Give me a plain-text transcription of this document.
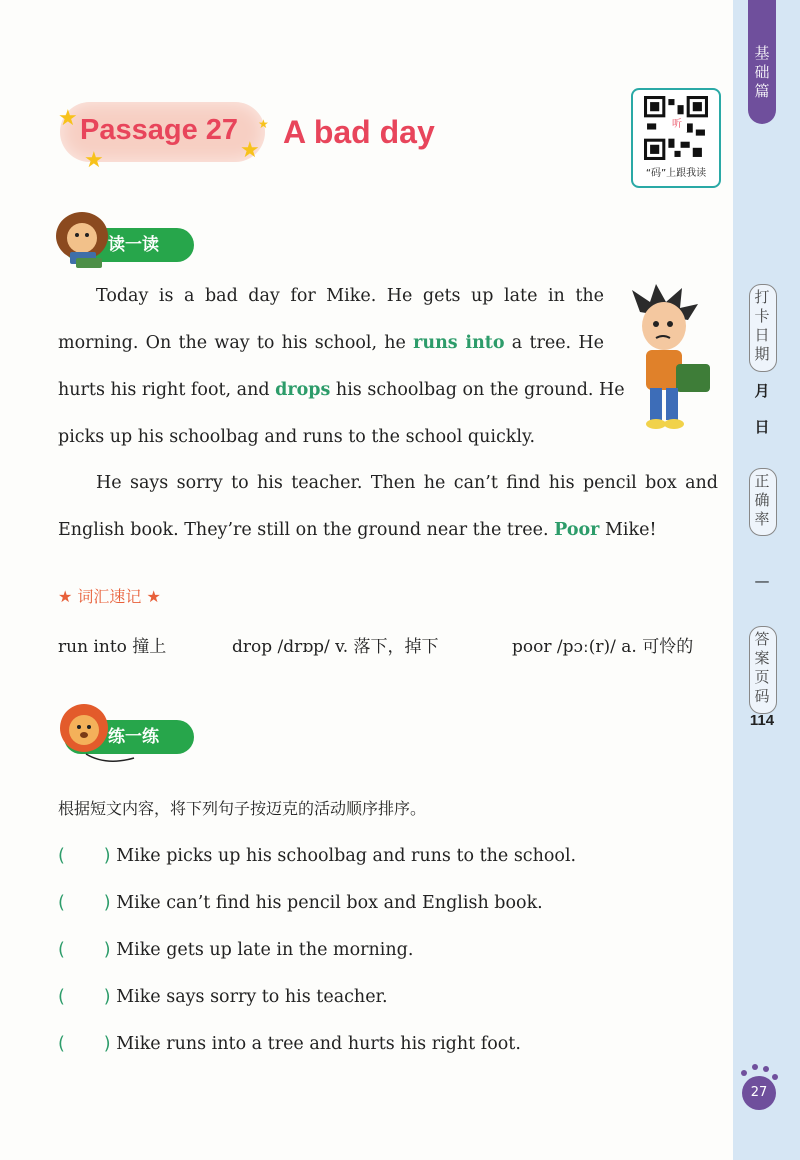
★
★	★
★
Passage 27 A bad day	听
“码”上跟我读
读一读
Today is a bad day for Mike. He gets up late in the
morning. On the way to his school, he runs into a tree. He
hurts his right foot, and drops his schoolbag on the ground. He
picks up his schoolbag and runs to the school quickly.
He says sorry to his teacher. Then he can’t find his pencil box and
English book. They’re still on the ground near the tree. Poor Mike!
★ 词汇速记 ★
run into 撞上	drop /drɒp/ v. 落下，掉下	poor /pɔː(r)/ a. 可怜的
练一练
根据短文内容，将下列句子按迈克的活动顺序排序。
(       ) Mike picks up his schoolbag and runs to the school.
(       ) Mike can’t find his pencil box and English book.
(       ) Mike gets up late in the morning.
(       ) Mike says sorry to his teacher.
(       ) Mike runs into a tree and hurts his right foot.
基础篇
打卡日期
月
日
正确率
—
答案页码
114
27
